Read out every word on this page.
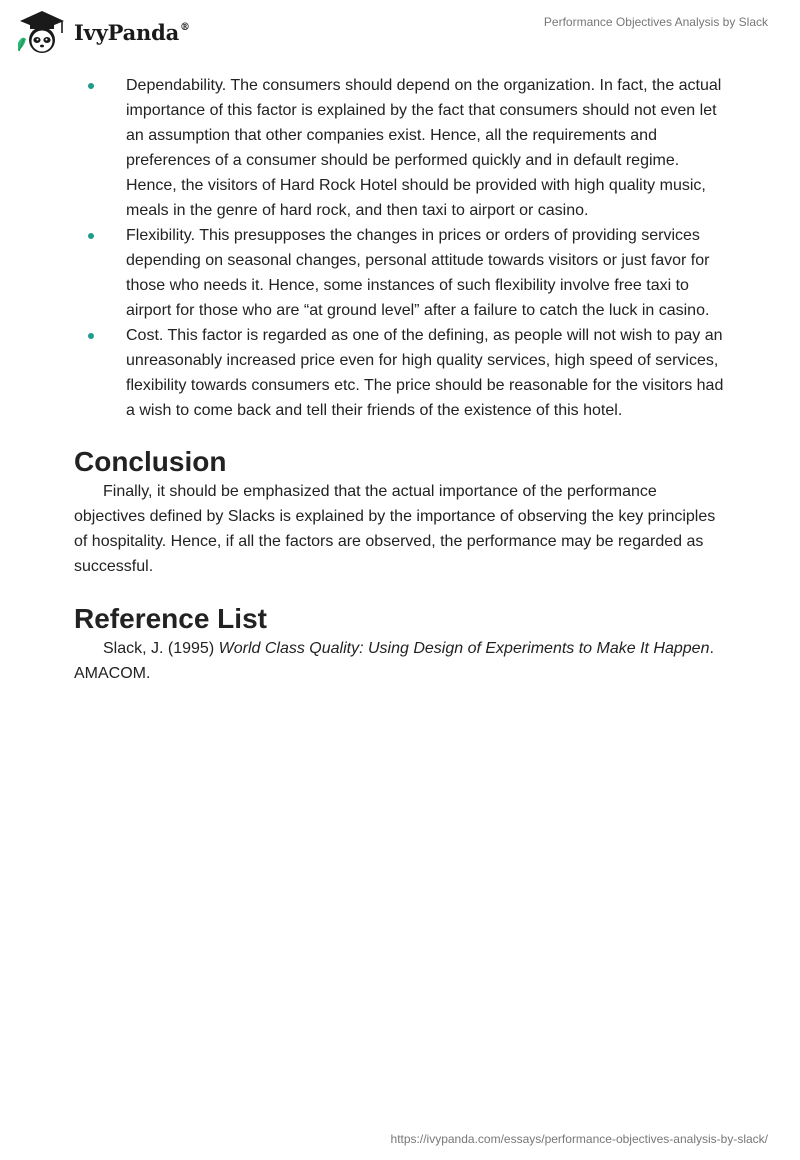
IvyPanda®	Performance Objectives Analysis by Slack
Dependability. The consumers should depend on the organization. In fact, the actual importance of this factor is explained by the fact that consumers should not even let an assumption that other companies exist. Hence, all the requirements and preferences of a consumer should be performed quickly and in default regime. Hence, the visitors of Hard Rock Hotel should be provided with high quality music, meals in the genre of hard rock, and then taxi to airport or casino.
Flexibility. This presupposes the changes in prices or orders of providing services depending on seasonal changes, personal attitude towards visitors or just favor for those who needs it. Hence, some instances of such flexibility involve free taxi to airport for those who are “at ground level” after a failure to catch the luck in casino.
Cost. This factor is regarded as one of the defining, as people will not wish to pay an unreasonably increased price even for high quality services, high speed of services, flexibility towards consumers etc. The price should be reasonable for the visitors had a wish to come back and tell their friends of the existence of this hotel.
Conclusion

Finally, it should be emphasized that the actual importance of the performance objectives defined by Slacks is explained by the importance of observing the key principles of hospitality. Hence, if all the factors are observed, the performance may be regarded as successful.

Reference List

Slack, J. (1995) World Class Quality: Using Design of Experiments to Make It Happen. AMACOM.

https://ivypanda.com/essays/performance-objectives-analysis-by-slack/
